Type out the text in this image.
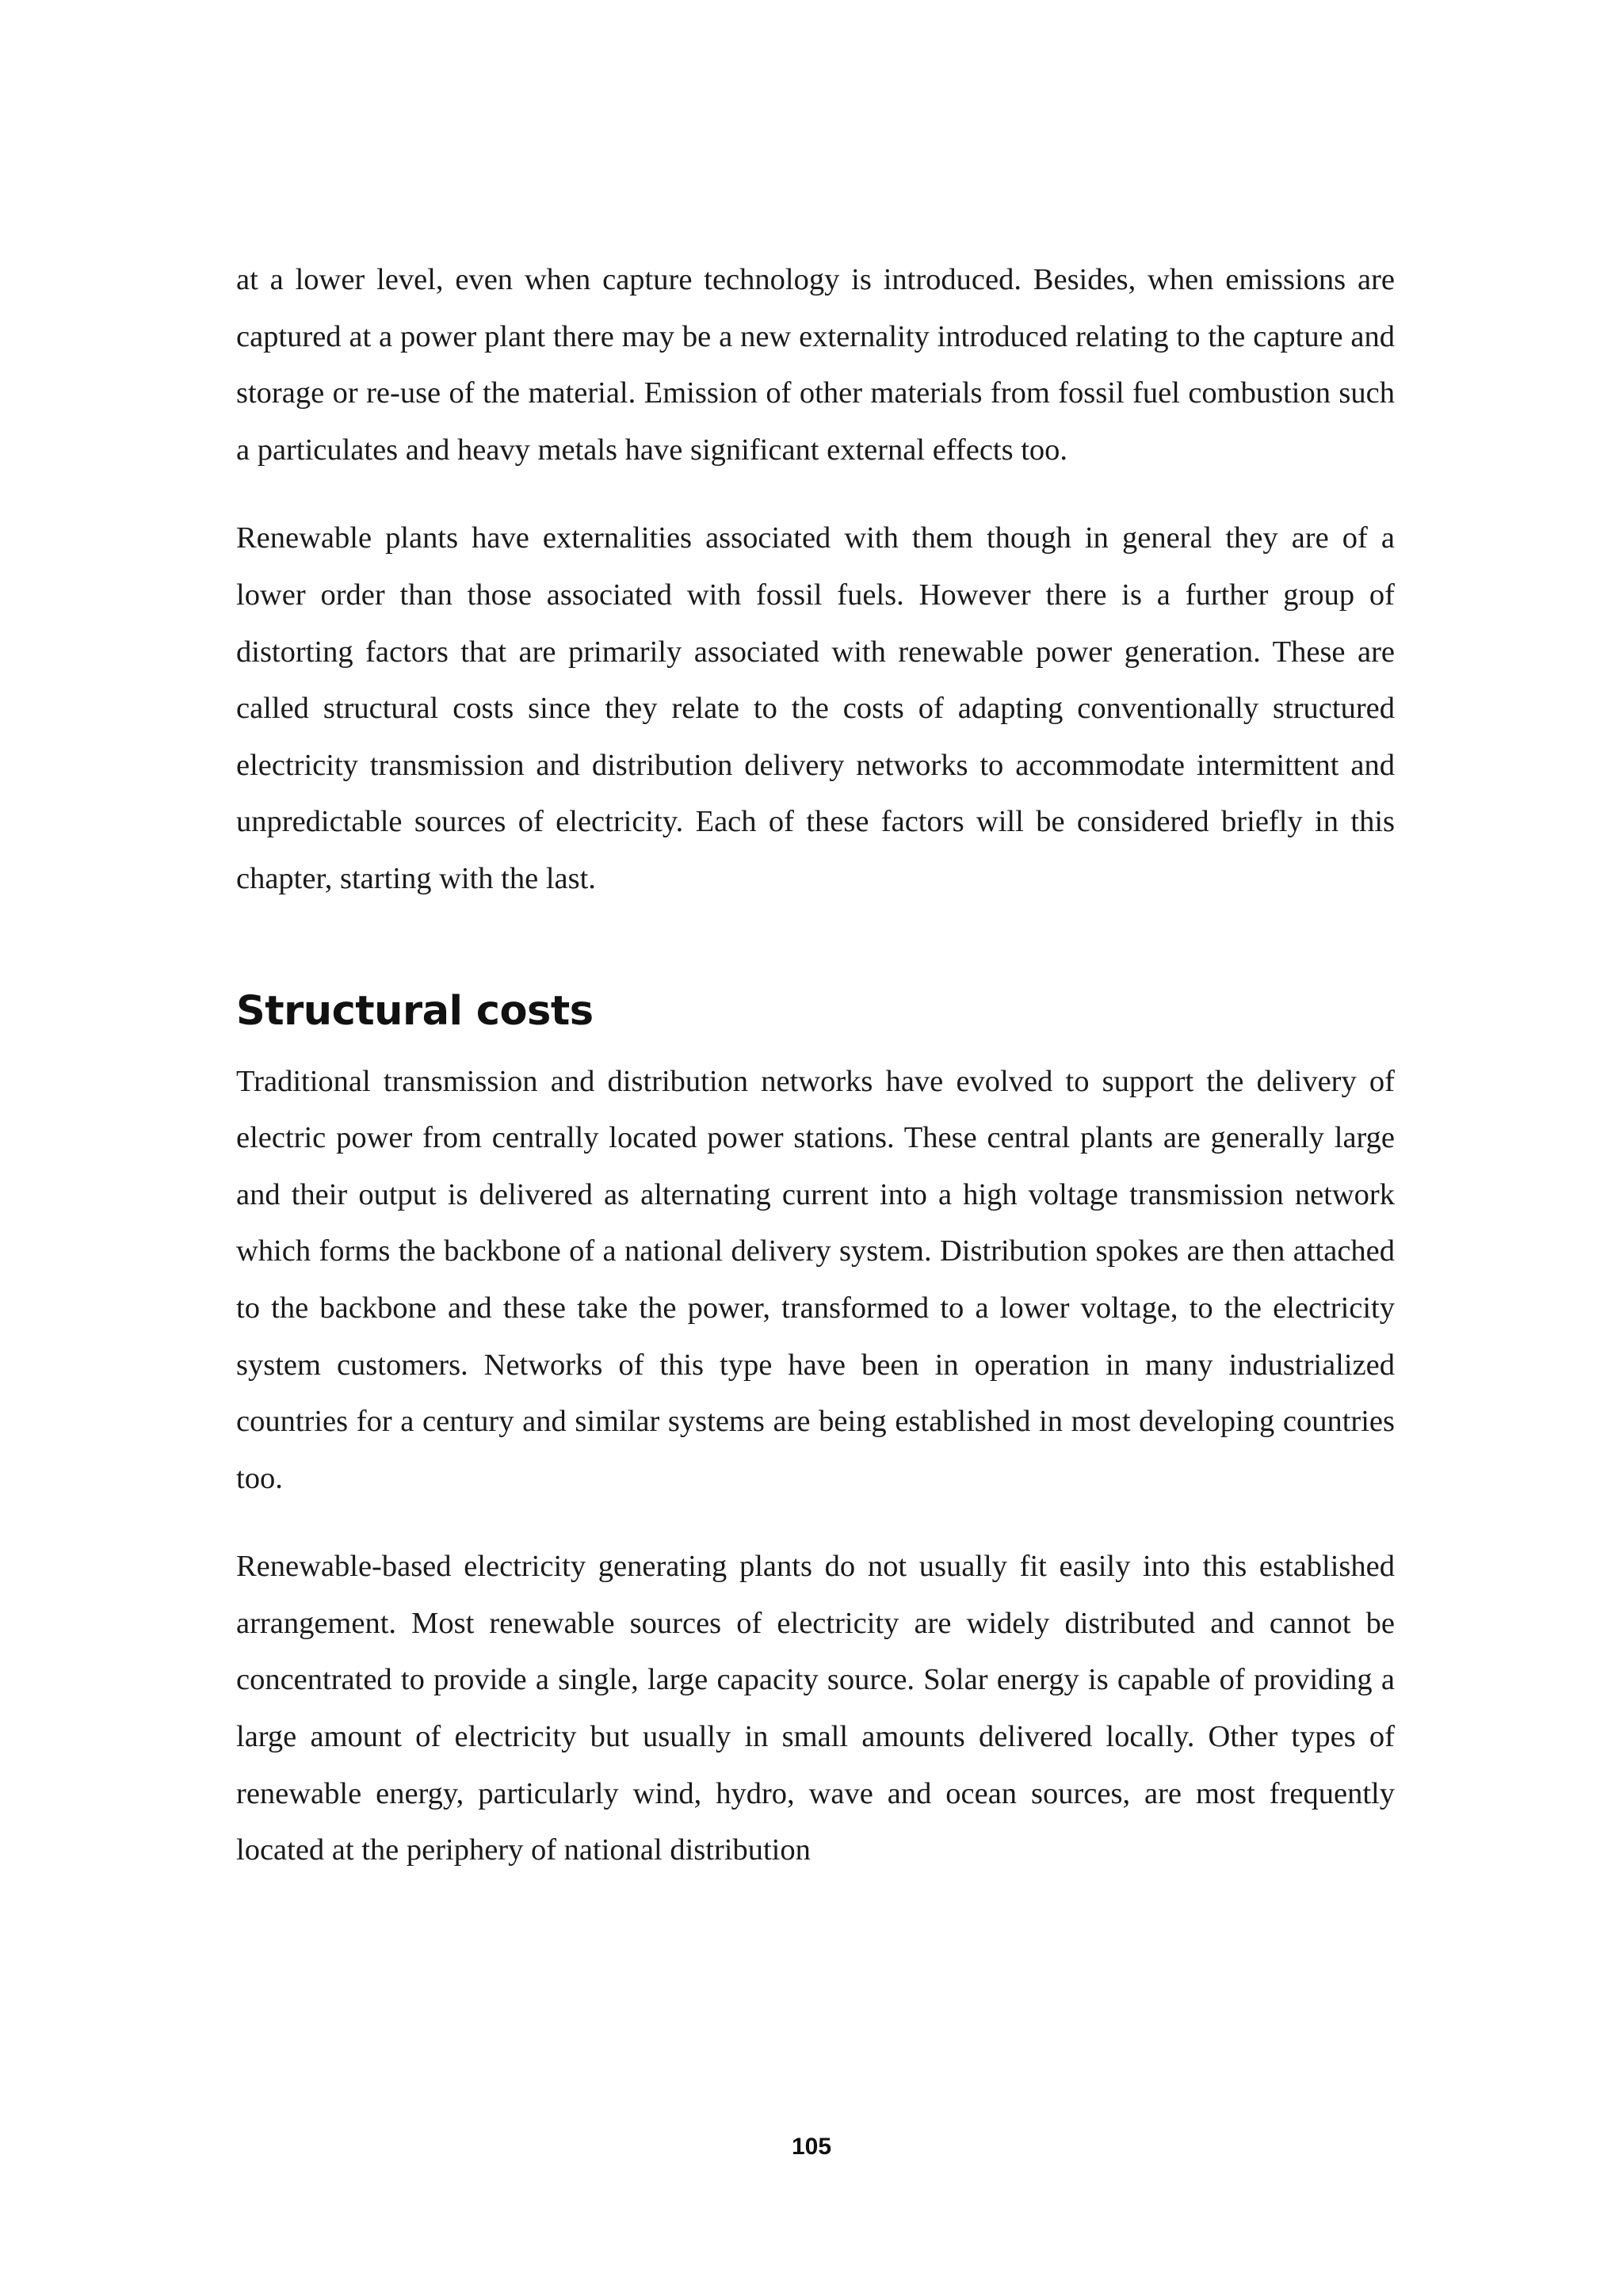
at a lower level, even when capture technology is introduced. Besides, when emissions are captured at a power plant there may be a new externality introduced relating to the capture and storage or re-use of the material. Emission of other materials from fossil fuel combustion such a particulates and heavy metals have significant external effects too.

Renewable plants have externalities associated with them though in general they are of a lower order than those associated with fossil fuels. However there is a further group of distorting factors that are primarily associated with renewable power generation. These are called structural costs since they relate to the costs of adapting conventionally structured electricity transmission and distribution delivery networks to accommodate intermittent and unpredictable sources of electricity. Each of these factors will be considered briefly in this chapter, starting with the last.

Structural costs

Traditional transmission and distribution networks have evolved to support the delivery of electric power from centrally located power stations. These central plants are generally large and their output is delivered as alternating current into a high voltage transmission network which forms the backbone of a national delivery system. Distribution spokes are then attached to the backbone and these take the power, transformed to a lower voltage, to the electricity system customers. Networks of this type have been in operation in many industrialized countries for a century and similar systems are being established in most developing countries too.

Renewable-based electricity generating plants do not usually fit easily into this established arrangement. Most renewable sources of electricity are widely distributed and cannot be concentrated to provide a single, large capacity source. Solar energy is capable of providing a large amount of electricity but usually in small amounts delivered locally. Other types of renewable energy, particularly wind, hydro, wave and ocean sources, are most frequently located at the periphery of national distribution

105
